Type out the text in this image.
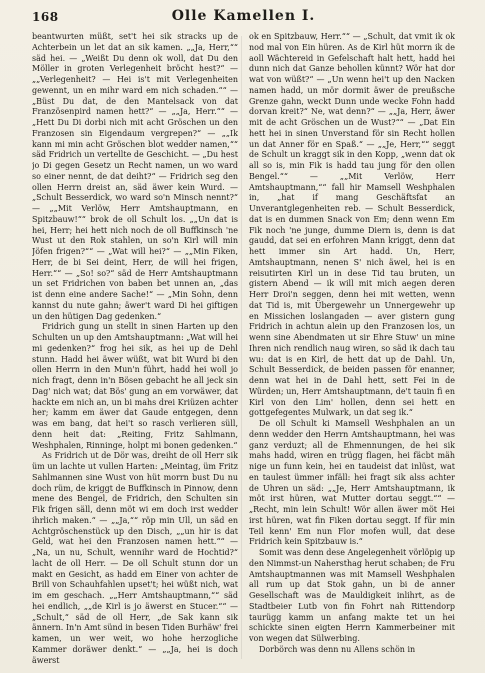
168	Olle Kamellen I.

beantwurten müßt, set't hei sik stracks up de Achterbein un let dat an sik kamen. „„Ja, Herr,““ säd hei. — „Weißt Du denn ok woll, dat Du den Möller in groten Verlegenheit bröcht hest?“ — „„Verlegenheit? — Hei is't mit Verlegenheiten gewennt, un en mihr ward em nich schaden.““ — „Büst Du dat, de den Mantelsack von dat Französenpird namen hett?“ — „„Ja, Herr.““ — „Hett Du Di dorbi nich mit acht Gröschen un den Franzosen sin Eigendaum vergrepen?“ — „„Ik kann mi min acht Gröschen blot wedder namen,““ säd Fridrich un vertellte de Geschicht. — „Du hest jo Di gegen Gesetz un Recht namen, un wo ward so einer nennt, de dat deiht?“ — Fridrich seg den ollen Herrn dreist an, säd äwer kein Wurd. — „Schult Besserdick, wo ward so'n Minsch nennt?“ — „„Mit Verlöw, Herr Amtshauptmann, en Spitzbauw!““ brok de oll Schult los. „„Un dat is hei, Herr; hei hett nich noch de oll Buffkinsch 'ne Wust ut den Rok stahlen, un so'n Kirl will min Jöfen frigen?““ — „Wat will hei?“ — „„Min Fiken, Herr, de bi Sei deint, Herr, de will hei frigen, Herr.““ — „So! so?“ säd de Herr Amtshauptmann un set Fridrichen von baben bet unnen an, „das ist denn eine andere Sache!“ — „Min Sohn, denn kannst du nute gahn; äwer't ward Di hei giftigen un den hütigen Dag gedenken.“

Fridrich gung un stellt in sinen Harten up den Schulten un up den Amtshauptmann: „Wat will hei mi gedenken?“ frog hei sik, as hei up de Dehl stunn. Hadd hei äwer wüßt, wat bit Wurd bi den ollen Herrn in den Mun'n führt, hadd hei woll jo nich fragt, denn in'n Bösen gebacht he all jeck sin Dag' nich wat; dat Bös' gung an em vorwäwer, dat hackte em nich an, un bi mahs drei Kriüzen achter her; kamm em äwer dat Gaude entgegen, denn was em bang, dat hei't so rasch verlieren süll, denn heit dat: „Reiting, Fritz Sahlmann, Weshphalen, Rinninge, holpt mi bonen gedenken.“

As Fridrich ut de Dör was, dreiht de oll Herr sik üm un lachte ut vullen Harten: „Meintag, üm Fritz Sahlmannen sine Wust von hüt morrn bust Du nu doch rüm, de kriggt de Buffkinsch in Pinnow, denn mene des Bengel, de Fridrich, den Schulten sin Fik frigen säll, denn möt wi em doch irst wedder ihrlich maken.“ — „„Ja,““ röp min Ull, un säd en Achtgröschenstück up den Disch, „„un hir is dat Geld, wat hei den Franzosen namen hett.““ — „Na, un nu, Schult, wennihr ward de Hochtid?“ lacht de oll Herr. — De oll Schult stunn dor un makt en Gesicht, as hadd em Einer von achter de Brill von Schauhfahlen upset't; hei wüßt nich, wat im em geschach. „„Herr Amtshauptmann,““ säd hei endlich, „„de Kirl is jo äwerst en Stucer.““ — „Schult,“ säd de oll Herr, „de Sak kann sik ännern. In'n Amt sünd in besen Tiden Burhäw' frei kamen, un wer weit, wo hohe herzogliche Kammer doräwer denkt.“ — „„Ja, hei is doch äwerst

ok en Spitzbauw, Herr.““ — „Schult, dat vmit ik ok nod mal von Ein hüren. As de Kirl hüt morrn ik de aoll Wächtereid in Gefelschaft halt hett, hadd hei dunn nich dat Ganze behollen künnt? Wör hat dor wat von wüßt?“ — „Un wenn hei't up den Nacken namen hadd, un mör dormit äwer de preußsche Grenze gahn, weckt Dunn unde wecke Fohn hadd dorvan kreit?“ Ne, wat denn?“ — „„Ja, Herr, äwer mit de acht Gröschen un de Wust?““ — „Dat Ein hett hei in sinen Unverstand för sin Recht hollen un dat Anner för en Spaß.“ — „„Je, Herr,““ seggt de Schult un kraggt sik in den Kopp, „wenn dat ok all so is, min Fik is hadd tau jung för den ollen Bengel.““ — „„Mit Verlöw, Herr Amtshauptmann,““ fall hir Mamsell Weshphalen in, „hat if mang Geschäftsfat an Unverantglegenheiten reb. — Schult Besserdick, dat is en dummen Snack von Em; denn wenn Em Fik noch 'ne junge, dumme Diern is, denn is dat gaudd, dat sei en erfohren Mann kriggt, denn dat hett immer sin Art hadd. Un, Herr, Amtshauptmann, nenen S' nich äwel, hei is en reisutirten Kirl un in dese Tid tau bruten, un gistern Abend — ik will mit mich aegen deren Herr Droi'n seggen, denn hei mit wetten, wenn dat Tid is, mit Übergewehr un Unnergewehr up en Missichen loslangaden — aver gistern gung Fridrich in achtun alein up den Franzosen los, un wenn sine Abendmaten ut sir Ehre Stuw' un mine Ihren nich rendlich naug wiren, so säd ik dach tau wu: dat is en Kirl, de hett dat up de Dahl. Un, Schult Besserdick, de beiden passen för enanner, denn wat hei in de Dahl hett, sett Fei in de Würden; un, Herr Amtshauptmann, de't tauin fi en Kirl von den Lim' hollen, denn sei hett en gottgefegentes Mulwark, un dat seg ik.“

De oll Schult ki Mamsell Weshphalen an un denn wedder den Herrn Amtshauptmann, hei was ganz verduzt; all de Ehmennungen, de hei sik mahs hadd, wiren en trügg flagen, hei fäcbt mäh nige un funn kein, hei en taudeist dat inlüst, wat en taulest ümmer infäll: hei fragt sik alss achter de Uhren un säd: „„Je, Herr Amtshauptmann, ik möt irst hüren, wat Mutter dortau seggt.““ — „Recht, min lein Schult! Wör allen äwer möt Hei irst hüren, wat fin Fiken dortau seggt. If für min Teil kenn' Em nun Flor mofen wull, dat dese Fridrich kein Spitzbauw is.“

Somit was denn dese Angelegenheit vörlöpig up den Nimmst-un Nahersthag herut schaben; de Fru Amtshauptmannen was mit Mamsell Weshphalen all rum up dat Stok gahn, un bi de anner Gesellschaft was de Mauldigkeit inlihrt, as de Stadtbeier Lutb von fin Fohrt nah Rittendorp taurügg kamm un anfang makte tet un hei schickte sinen eigten Herrn Kammerbeiner mit von wegen dat Sülwerbing.

Dorbörch was denn nu Allens schön in
